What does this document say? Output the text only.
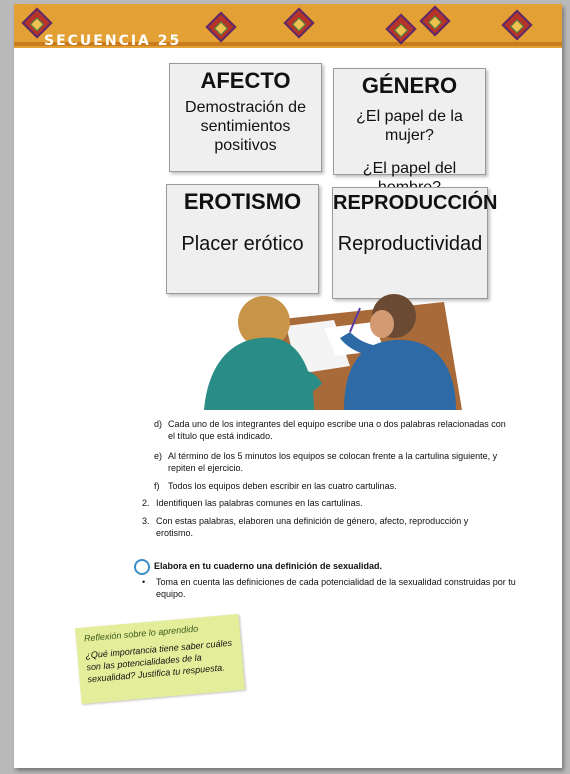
SECUENCIA 25
AFECTO
Demostración de
sentimientos
positivos
GÉNERO
¿El papel de la mujer?
¿El papel del
EROTISMO
Placer erótico
REPRODUCCIÓN
Reproductividad
d) Cada uno de los integrantes del equipo escribe una o dos palabras relacionadas con el título que está indicado.
e) Al término de los 5 minutos los equipos se colocan frente a la cartulina siguiente, y repiten el ejercicio.
f) Todos los equipos deben escribir en las cuatro cartulinas.
2. Identifiquen las palabras comunes en las cartulinas.
3. Con estas palabras, elaboren una definición de género, afecto, reproducción y erotismo.
Elabora en tu cuaderno una definición de sexualidad.
• Toma en cuenta las definiciones de cada potencialidad de la sexualidad construidas por tu equipo.
Reflexión sobre lo aprendido
¿Qué importancia tiene saber cuáles son las potencialidades de la sexualidad? Justifica tu respuesta.
